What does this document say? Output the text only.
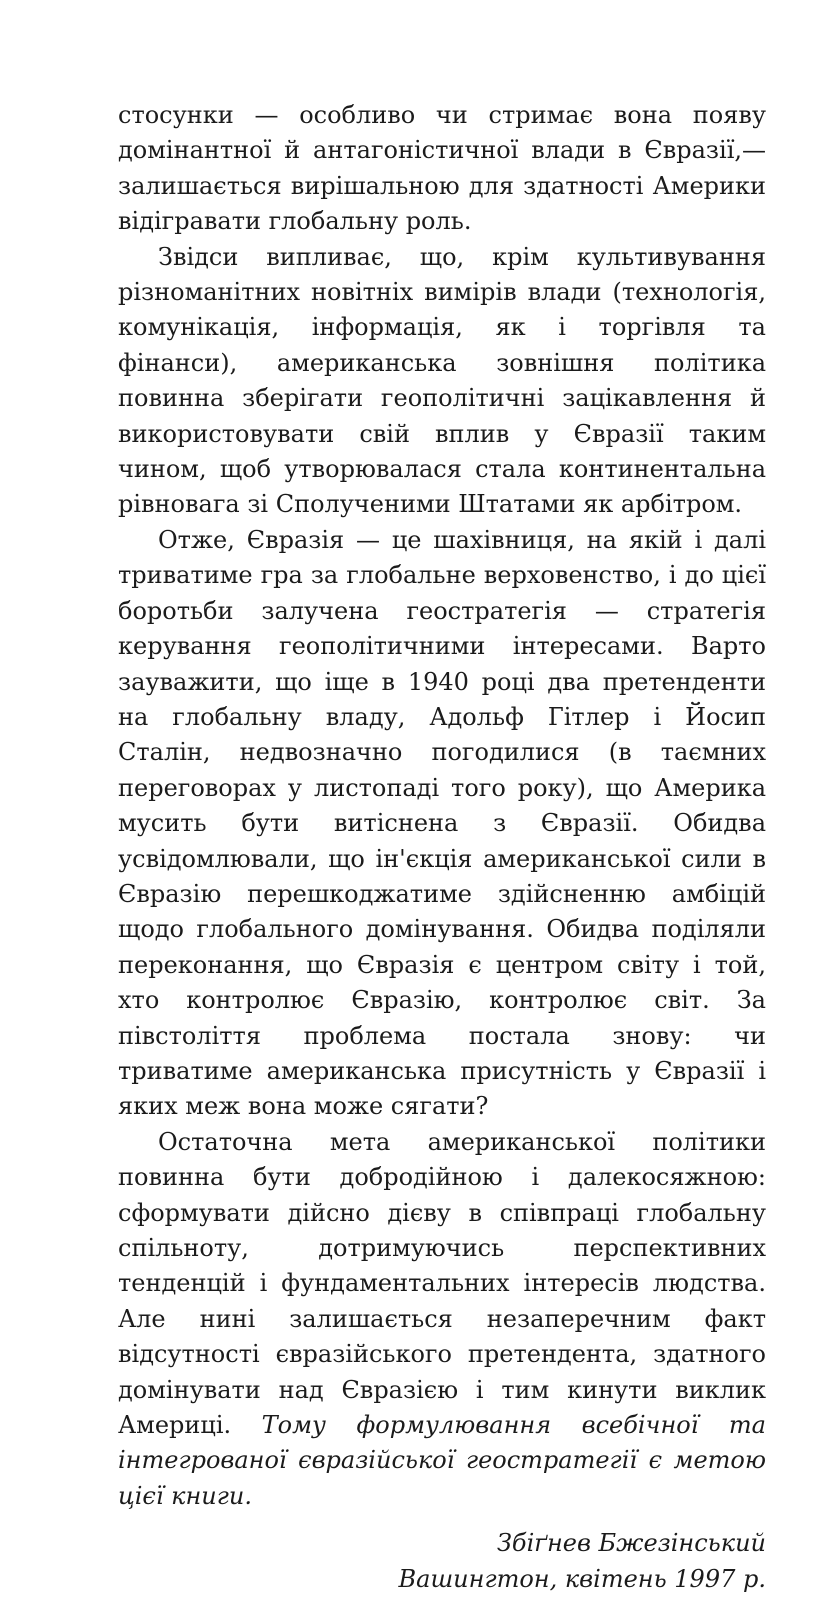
стосунки — особливо чи стримає вона появу домінантної й антагоністичної влади в Євразії,— залишається вирішальною для здатності Америки відігравати глобальну роль.

Звідси випливає, що, крім культивування різноманітних новітніх вимірів влади (технологія, комунікація, інформація, як і торгівля та фінанси), американська зовнішня політика повинна зберігати геополітичні зацікавлення й використовувати свій вплив у Євразії таким чином, щоб утворювалася стала континентальна рівновага зі Сполученими Штатами як арбітром.

Отже, Євразія — це шахівниця, на якій і далі триватиме гра за глобальне верховенство, і до цієї боротьби залучена геостратегія — стратегія керування геополітичними інтересами. Варто зауважити, що іще в 1940 році два претенденти на глобальну владу, Адольф Гітлер і Йосип Сталін, недвозначно погодилися (в таємних переговорах у листопаді того року), що Америка мусить бути витіснена з Євразії. Обидва усвідомлювали, що ін'єкція американської сили в Євразію перешкоджатиме здійсненню амбіцій щодо глобального домінування. Обидва поділяли переконання, що Євразія є центром світу і той, хто контролює Євразію, контролює світ. За півстоліття проблема постала знову: чи триватиме американська присутність у Євразії і яких меж вона може сягати?

Остаточна мета американської політики повинна бути добродійною і далекосяжною: сформувати дійсно дієву в співпраці глобальну спільноту, дотримуючись перспективних тенденцій і фундаментальних інтересів людства. Але нині залишається незаперечним факт відсутності євразійського претендента, здатного домінувати над Євразією і тим кинути виклик Америці. Тому формулювання всебічної та інтегрованої євразійської геостратегії є метою цієї книги.

Збіґнев Бжезінський
Вашингтон, квітень 1997 р.
